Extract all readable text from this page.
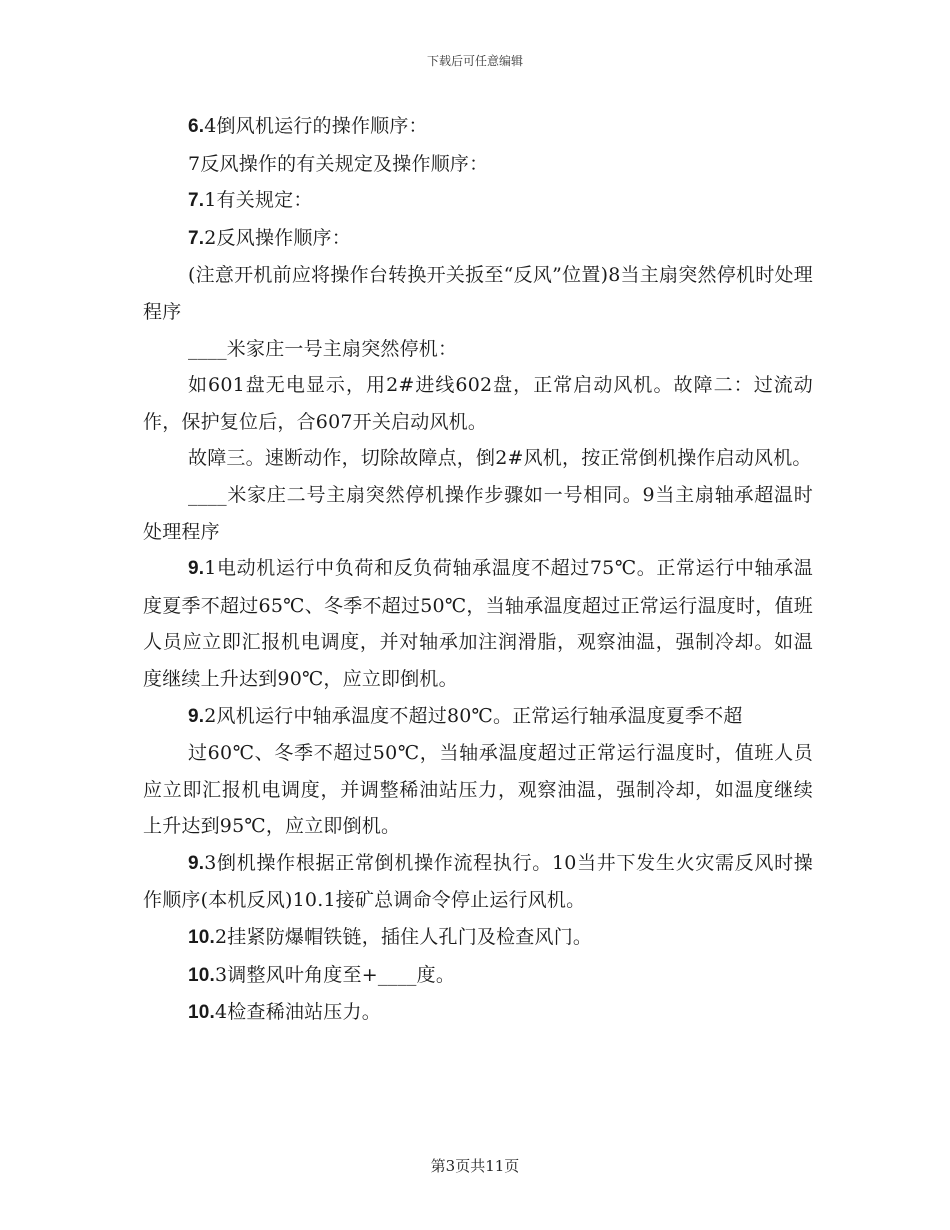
下载后可任意编辑

6.4倒风机运行的操作顺序：

7反风操作的有关规定及操作顺序：

7.1有关规定：

7.2反风操作顺序：

(注意开机前应将操作台转换开关扳至“反风”位置)8当主扇突然停机时处理程序

____米家庄一号主扇突然停机：

如601盘无电显示，用2#进线602盘，正常启动风机。故障二：过流动作，保护复位后，合607开关启动风机。

故障三。速断动作，切除故障点，倒2#风机，按正常倒机操作启动风机。

____米家庄二号主扇突然停机操作步骤如一号相同。9当主扇轴承超温时处理程序

9.1电动机运行中负荷和反负荷轴承温度不超过75℃。正常运行中轴承温度夏季不超过65℃、冬季不超过50℃，当轴承温度超过正常运行温度时，值班人员应立即汇报机电调度，并对轴承加注润滑脂，观察油温，强制冷却。如温度继续上升达到90℃，应立即倒机。

9.2风机运行中轴承温度不超过80℃。正常运行轴承温度夏季不超

过60℃、冬季不超过50℃，当轴承温度超过正常运行温度时，值班人员应立即汇报机电调度，并调整稀油站压力，观察油温，强制冷却，如温度继续上升达到95℃，应立即倒机。

9.3倒机操作根据正常倒机操作流程执行。10当井下发生火灾需反风时操作顺序(本机反风)10.1接矿总调命令停止运行风机。

10.2挂紧防爆帽铁链，插住人孔门及检查风门。

10.3调整风叶角度至+____度。

10.4检查稀油站压力。

第3页共11页
